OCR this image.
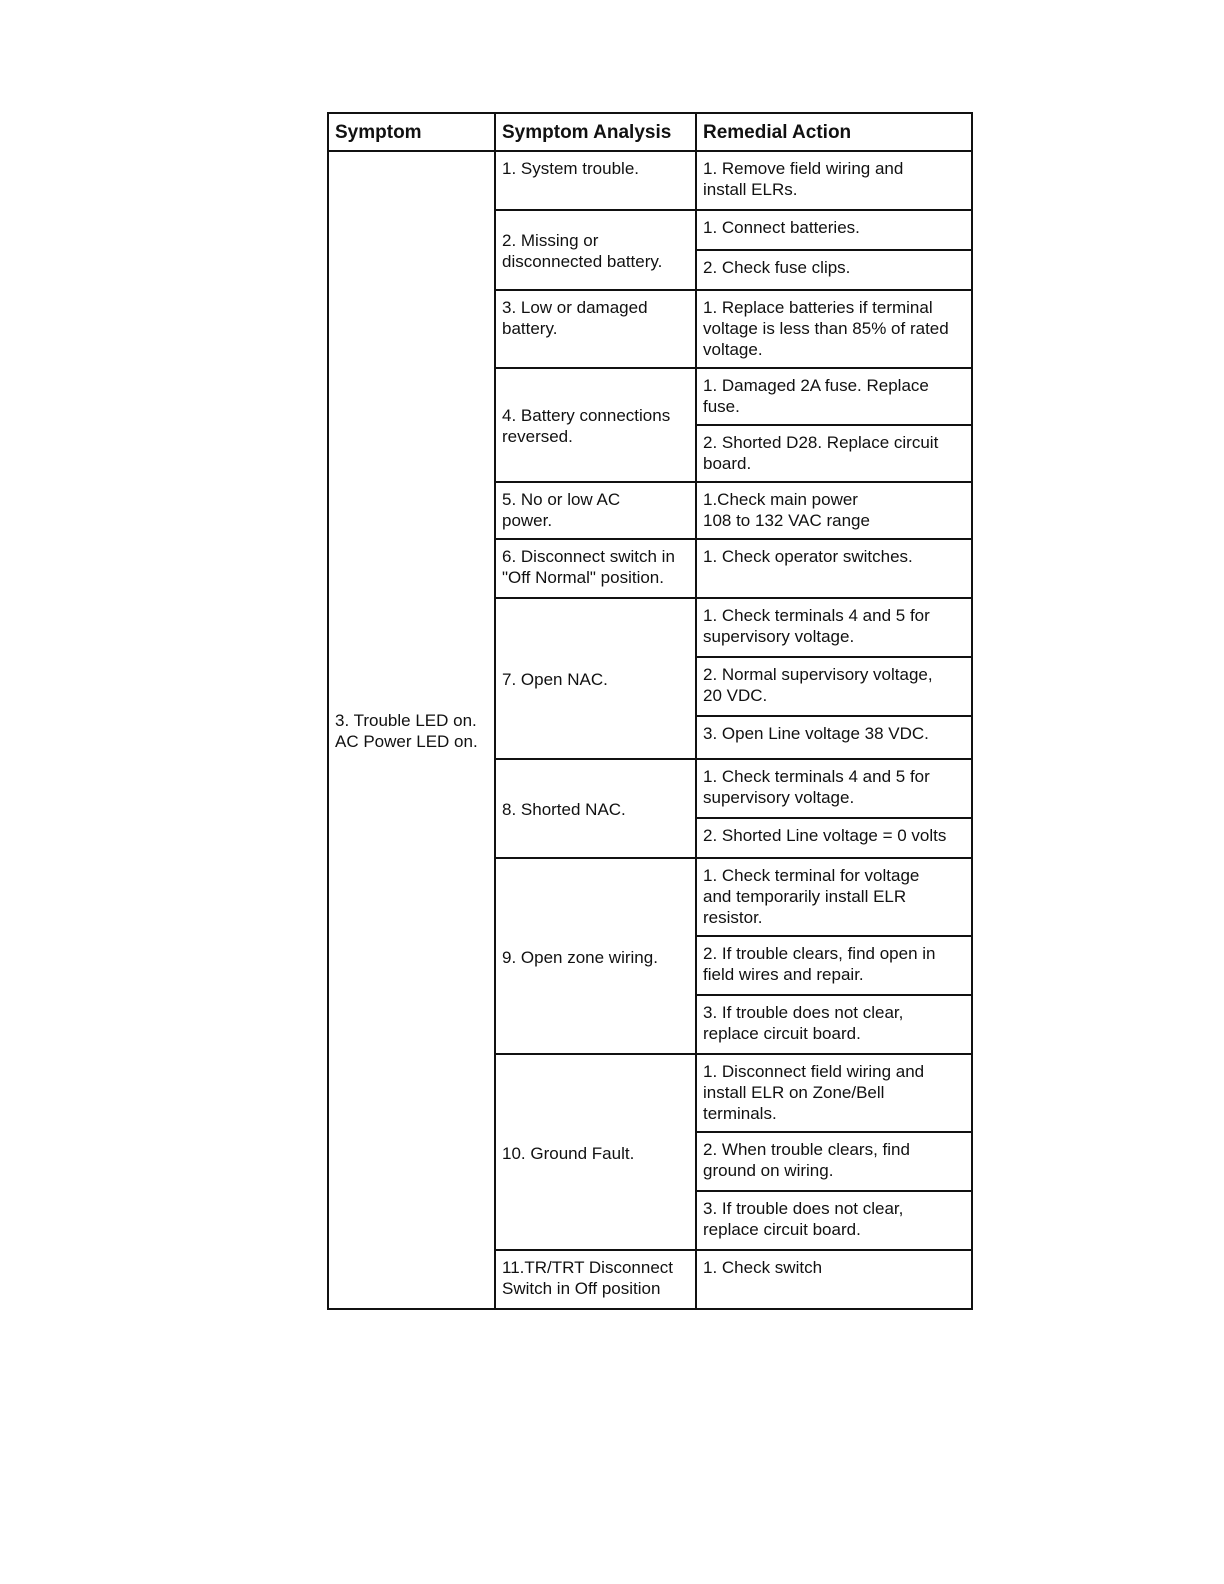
Symptom	Symptom Analysis	Remedial Action
3. Trouble LED on.
AC Power LED on.	1. System trouble.	1. Remove field wiring and
install ELRs.
	2. Missing or
disconnected battery.	1. Connect batteries.
		2. Check fuse clips.
	3. Low or damaged
battery.	1. Replace batteries if terminal
voltage is less than 85% of rated
voltage.
	4. Battery connections
reversed.	1. Damaged 2A fuse. Replace
fuse.
		2. Shorted D28. Replace circuit
board.
	5. No or low AC
power.	1.Check main power
108 to 132 VAC range
	6. Disconnect switch in
"Off Normal" position.	1. Check operator switches.
	7. Open NAC.	1. Check terminals 4 and 5 for
supervisory voltage.
		2. Normal supervisory voltage,
20 VDC.
		3. Open Line voltage 38 VDC.
	8. Shorted NAC.	1. Check terminals 4 and 5 for
supervisory voltage.
		2. Shorted Line voltage = 0 volts
	9. Open zone wiring.	1. Check terminal for voltage
and temporarily install ELR
resistor.
		2. If trouble clears, find open in
field wires and repair.
		3. If trouble does not clear,
replace circuit board.
	10. Ground Fault.	1. Disconnect field wiring and
install ELR on Zone/Bell
terminals.
		2. When trouble clears, find
ground on wiring.
		3. If trouble does not clear,
replace circuit board.
	11.TR/TRT Disconnect
Switch in Off position	1. Check switch
